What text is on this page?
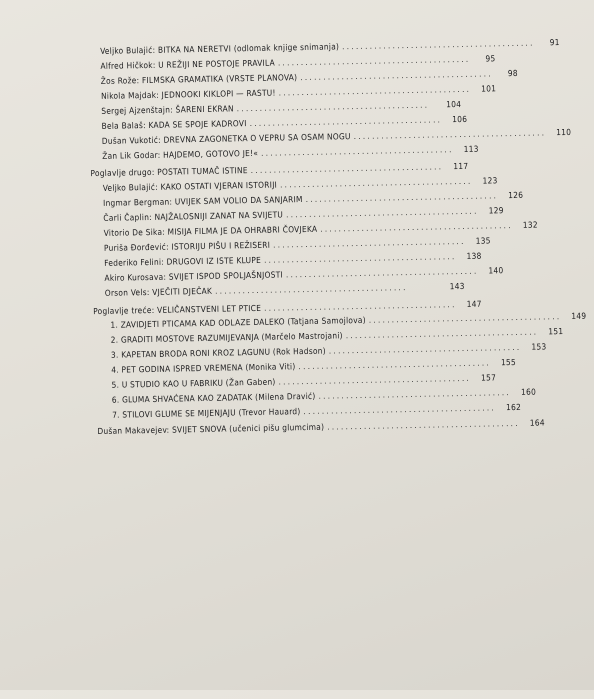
Veljko Bulajić: BITKA NA NERETVI (odlomak knjige snimanja) ..........................................	91
Alfred Hičkok: U REŽIJI NE POSTOJE PRAVILA ..........................................	95
Žos Rože: FILMSKA GRAMATIKA (VRSTE PLANOVA) ..........................................	98
Nikola Majdak: JEDNOOKI KIKLOPI — RASTU! ..........................................	101
Sergej Ajzenštajn: ŠARENI EKRAN ..........................................	104
Bela Balaš: KADA SE SPOJE KADROVI ..........................................	106
Dušan Vukotić: DREVNA ZAGONETKA O VEPRU SA OSAM NOGU ..........................................	110
Žan Lik Godar: HAJDEMO, GOTOVO JE!« ..........................................	113
Poglavlje drugo: POSTATI TUMAČ ISTINE ..........................................	117
Veljko Bulajić: KAKO OSTATI VJERAN ISTORIJI ..........................................	123
Ingmar Bergman: UVIJEK SAM VOLIO DA SANJARIM ..........................................	126
Čarli Čaplin: NAJŽALOSNIJI ZANAT NA SVIJETU ..........................................	129
Vitorio De Sika: MISIJA FILMA JE DA OHRABRI ČOVJEKA ..........................................	132
Puriša Đorđević: ISTORIJU PIŠU I REŽISERI ..........................................	135
Federiko Felini: DRUGOVI IZ ISTE KLUPE ..........................................	138
Akiro Kurosava: SVIJET ISPOD SPOLJAŠNJOSTI ..........................................	140
Orson Vels: VJEČITI DJEČAK ..........................................	143
Poglavlje treće: VELIČANSTVENI LET PTICE ..........................................	147
1. ZAVIDJETI PTICAMA KAD ODLAZE DALEKO (Tatjana Samojlova) ..........................................	149
2. GRADITI MOSTOVE RAZUMIJEVANJA (Marčelo Mastrojani) ..........................................	151
3. KAPETAN BRODA RONI KROZ LAGUNU (Rok Hadson) ..........................................	153
4. PET GODINA ISPRED VREMENA (Monika Viti) ..........................................	155
5. U STUDIO KAO U FABRIKU (Žan Gaben) ..........................................	157
6. GLUMA SHVAĆENA KAO ZADATAK (Milena Dravić) ..........................................	160
7. STILOVI GLUME SE MIJENJAJU (Trevor Hauard) ..........................................	162
Dušan Makavejev: SVIJET SNOVA (učenici pišu glumcima) ..........................................	164
